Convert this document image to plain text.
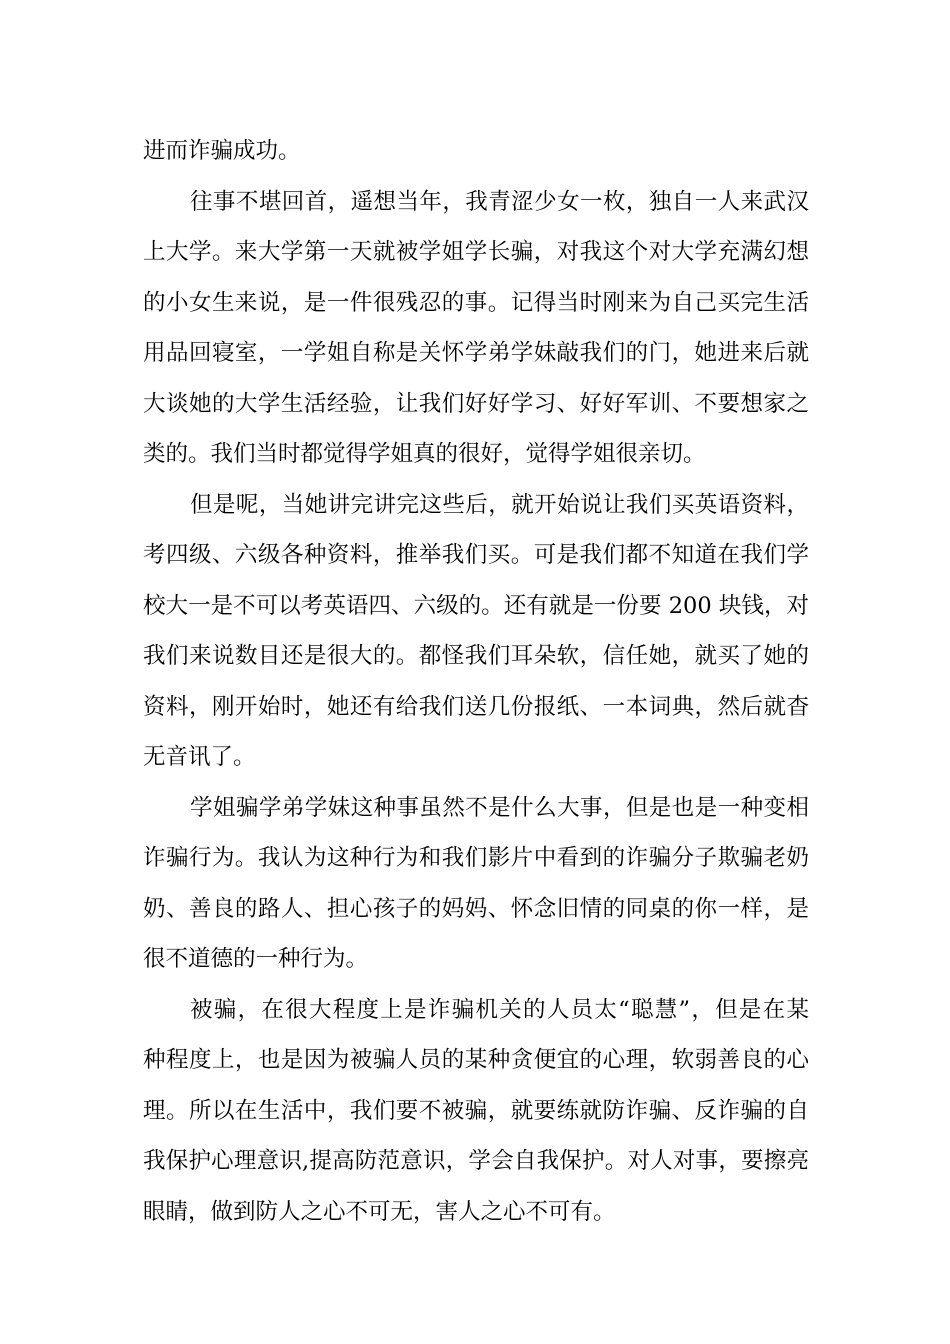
进而诈骗成功。
往事不堪回首，遥想当年，我青涩少女一枚，独自一人来武汉
上大学。来大学第一天就被学姐学长骗，对我这个对大学充满幻想
的小女生来说，是一件很残忍的事。记得当时刚来为自己买完生活
用品回寝室，一学姐自称是关怀学弟学妹敲我们的门，她进来后就
大谈她的大学生活经验，让我们好好学习、好好军训、不要想家之
类的。我们当时都觉得学姐真的很好，觉得学姐很亲切。
但是呢，当她讲完讲完这些后，就开始说让我们买英语资料，
考四级、六级各种资料，推举我们买。可是我们都不知道在我们学
校大一是不可以考英语四、六级的。还有就是一份要 200 块钱，对
我们来说数目还是很大的。都怪我们耳朵软，信任她，就买了她的
资料，刚开始时，她还有给我们送几份报纸、一本词典，然后就杳
无音讯了。
学姐骗学弟学妹这种事虽然不是什么大事，但是也是一种变相
诈骗行为。我认为这种行为和我们影片中看到的诈骗分子欺骗老奶
奶、善良的路人、担心孩子的妈妈、怀念旧情的同桌的你一样，是
很不道德的一种行为。
被骗，在很大程度上是诈骗机关的人员太“聪慧”，但是在某
种程度上，也是因为被骗人员的某种贪便宜的心理，软弱善良的心
理。所以在生活中，我们要不被骗，就要练就防诈骗、反诈骗的自
我保护心理意识,提高防范意识，学会自我保护。对人对事，要擦亮
眼睛，做到防人之心不可无，害人之心不可有。
